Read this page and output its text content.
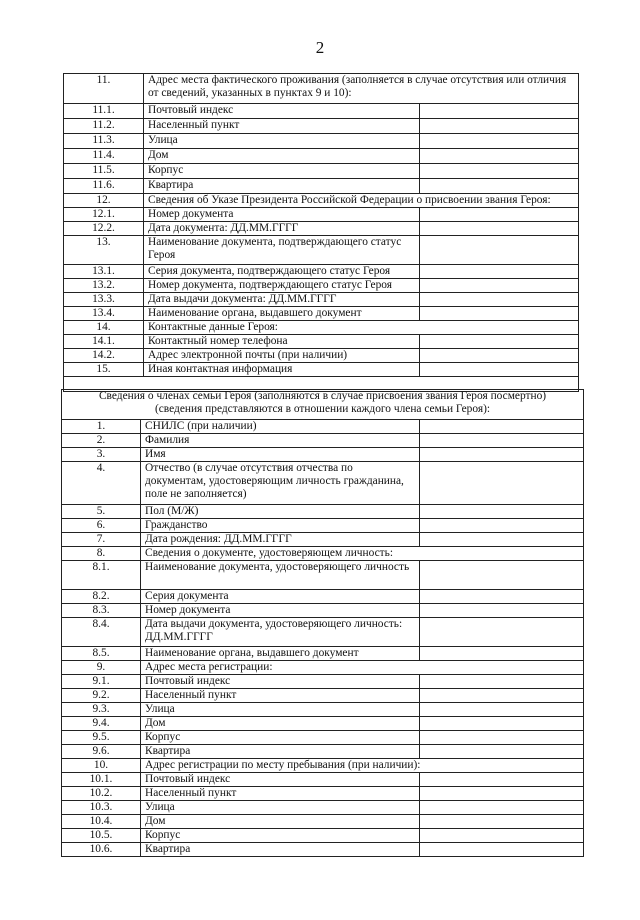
2
11.	Адрес места фактического проживания (заполняется в случае отсутствия или отличия от сведений, указанных в пунктах 9 и 10):	
11.1.	Почтовый индекс	
11.2.	Населенный пункт	
11.3.	Улица	
11.4.	Дом	
11.5.	Корпус	
11.6.	Квартира	
12.	Сведения об Указе Президента Российской Федерации о присвоении звания Героя:	
12.1.	Номер документа	
12.2.	Дата документа: ДД.ММ.ГГГГ	
13.	Наименование документа, подтверждающего статус Героя	
13.1.	Серия документа, подтверждающего статус Героя	
13.2.	Номер документа, подтверждающего статус Героя	
13.3.	Дата выдачи документа: ДД.ММ.ГГГГ	
13.4.	Наименование органа, выдавшего документ	
14.	Контактные данные Героя:	
14.1.	Контактный номер телефона	
14.2.	Адрес электронной почты (при наличии)	
15.	Иная контактная информация	

Сведения о членах семьи Героя (заполняются в случае присвоения звания Героя посмертно)
(сведения представляются в отношении каждого члена семьи Героя):		

1.	СНИЛС (при наличии)	
2.	Фамилия	
3.	Имя	
4.	Отчество (в случае отсутствия отчества по документам, удостоверяющим личность гражданина, поле не заполняется)	
5.	Пол (М/Ж)	
6.	Гражданство	
7.	Дата рождения: ДД.ММ.ГГГГ	
8.	Сведения о документе, удостоверяющем личность:	
8.1.	Наименование документа, удостоверяющего личность	
8.2.	Серия документа	
8.3.	Номер документа	
8.4.	Дата выдачи документа, удостоверяющего личность: ДД.ММ.ГГГГ	
8.5.	Наименование органа, выдавшего документ	
9.	Адрес места регистрации:	
9.1.	Почтовый индекс	
9.2.	Населенный пункт	
9.3.	Улица	
9.4.	Дом	
9.5.	Корпус	
9.6.	Квартира	
10.	Адрес регистрации по месту пребывания (при наличии):	
10.1.	Почтовый индекс	
10.2.	Населенный пункт	
10.3.	Улица	
10.4.	Дом	
10.5.	Корпус	
10.6.	Квартира	
